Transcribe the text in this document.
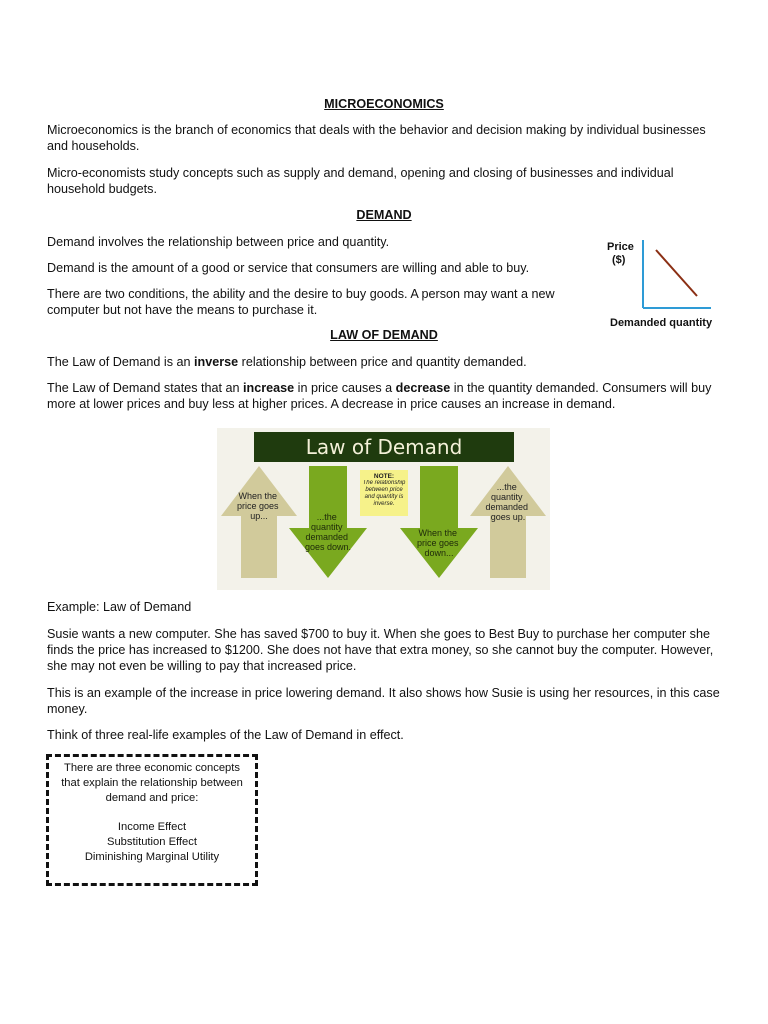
MICROECONOMICS

Microeconomics is the branch of economics that deals with the behavior and decision making by individual businesses and households.

Micro-economists study concepts such as supply and demand, opening and closing of businesses and individual household budgets.

DEMAND

Demand involves the relationship between price and quantity.

Demand is the amount of a good or service that consumers are willing and able to buy.

There are two conditions, the ability and the desire to buy goods. A person may want a new computer but not have the means to purchase it.

Price
($)
Demanded quantity
LAW OF DEMAND

The Law of Demand is an inverse relationship between price and quantity demanded.

The Law of Demand states that an increase in price causes a decrease in the quantity demanded. Consumers will buy more at lower prices and buy less at higher prices. A decrease in price causes an increase in demand.

Law of Demand
When the price goes up...	...the quantity demanded goes down.
NOTE:
The relationship between price and quantity is inverse.
When the price goes down...
...the quantity demanded goes up.

Example: Law of Demand

Susie wants a new computer. She has saved $700 to buy it. When she goes to Best Buy to purchase her computer she finds the price has increased to $1200. She does not have that extra money, so she cannot buy the computer. However, she may not even be willing to pay that increased price.

This is an example of the increase in price lowering demand. It also shows how Susie is using her resources, in this case money.

Think of three real-life examples of the Law of Demand in effect.

There are three economic concepts that explain the relationship between demand and price:
Income Effect
Substitution Effect
Diminishing Marginal Utility
